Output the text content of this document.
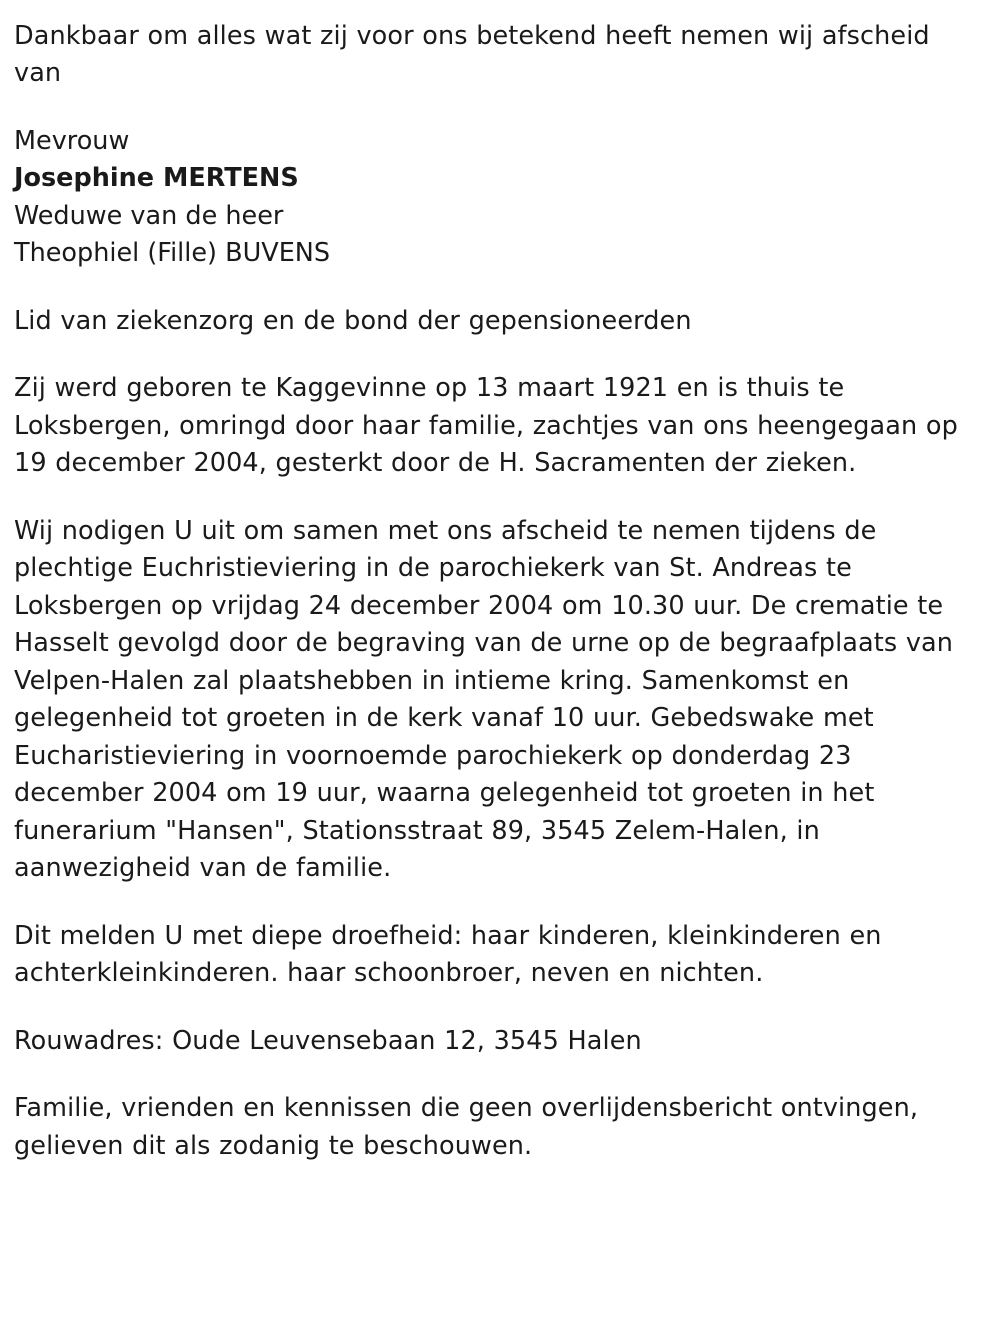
Dankbaar om alles wat zij voor ons betekend heeft nemen wij afscheid van

Mevrouw
Josephine MERTENS
Weduwe van de heer
Theophiel (Fille) BUVENS

Lid van ziekenzorg en de bond der gepensioneerden

Zij werd geboren te Kaggevinne op 13 maart 1921 en is thuis te Loksbergen, omringd door haar familie, zachtjes van ons heengegaan op 19 december 2004, gesterkt door de H. Sacramenten der zieken.

Wij nodigen U uit om samen met ons afscheid te nemen tijdens de plechtige Euchristieviering in de parochiekerk van St. Andreas te Loksbergen op vrijdag 24 december 2004 om 10.30 uur. De crematie te Hasselt gevolgd door de begraving van de urne op de begraafplaats van Velpen-Halen zal plaatshebben in intieme kring. Samenkomst en gelegenheid tot groeten in de kerk vanaf 10 uur. Gebedswake met Eucharistieviering in voornoemde parochiekerk op donderdag 23 december 2004 om 19 uur, waarna gelegenheid tot groeten in het funerarium "Hansen", Stationsstraat 89, 3545 Zelem-Halen, in aanwezigheid van de familie.

Dit melden U met diepe droefheid: haar kinderen, kleinkinderen en achterkleinkinderen. haar schoonbroer, neven en nichten.

Rouwadres: Oude Leuvensebaan 12, 3545 Halen

Familie, vrienden en kennissen die geen overlijdensbericht ontvingen, gelieven dit als zodanig te beschouwen.
